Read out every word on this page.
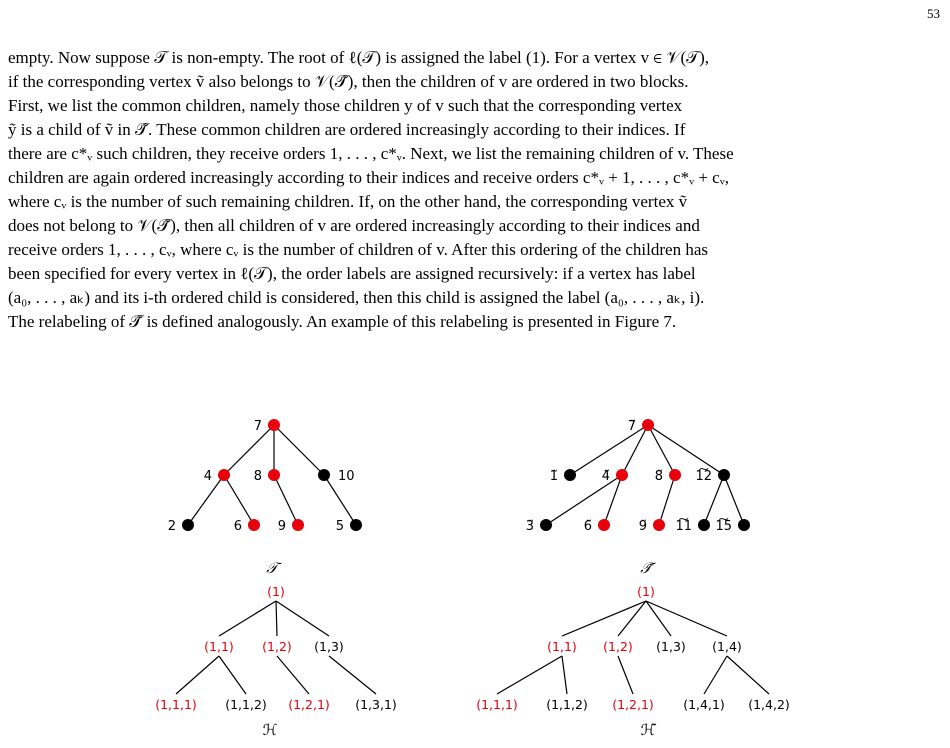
53

empty. Now suppose 𝒯 is non-empty. The root of ℓ(𝒯) is assigned the label (1). For a vertex v ∈ 𝒱(𝒯),

if the corresponding vertex ṽ also belongs to 𝒱(𝒯̃), then the children of v are ordered in two blocks.

First, we list the common children, namely those children y of v such that the corresponding vertex

ỹ is a child of ṽ in 𝒯̃. These common children are ordered increasingly according to their indices. If

there are c*ᵥ such children, they receive orders 1, . . . , c*ᵥ. Next, we list the remaining children of v. These

children are again ordered increasingly according to their indices and receive orders c*ᵥ + 1, . . . , c*ᵥ + cᵥ,

where cᵥ is the number of such remaining children. If, on the other hand, the corresponding vertex ṽ

does not belong to 𝒱(𝒯̃), then all children of v are ordered increasingly according to their indices and

receive orders 1, . . . , cᵥ, where cᵥ is the number of children of v. After this ordering of the children has

been specified for every vertex in ℓ(𝒯), the order labels are assigned recursively: if a vertex has label

(a₀, . . . , aₖ) and its i-th ordered child is considered, then this child is assigned the label (a₀, . . . , aₖ, i).

The relabeling of 𝒯̃ is defined analogously. An example of this relabeling is presented in Figure 7.

7
4	8	10
2	6	9	5
𝒯
7̃
1̃	4̃	8̃ 1͠2
3̃	6̃	9̃ 1͠1 1͠5
𝒯̃
(1)
(1,1) (1,2) (1,3)
(1,1,1) (1,1,2) (1,2,1) (1,3,1)
ℋ
(1)
(1,1) (1,2) (1,3) (1,4)
(1,1,1) (1,1,2) (1,2,1) (1,4,1) (1,4,2)
ℋ̃
